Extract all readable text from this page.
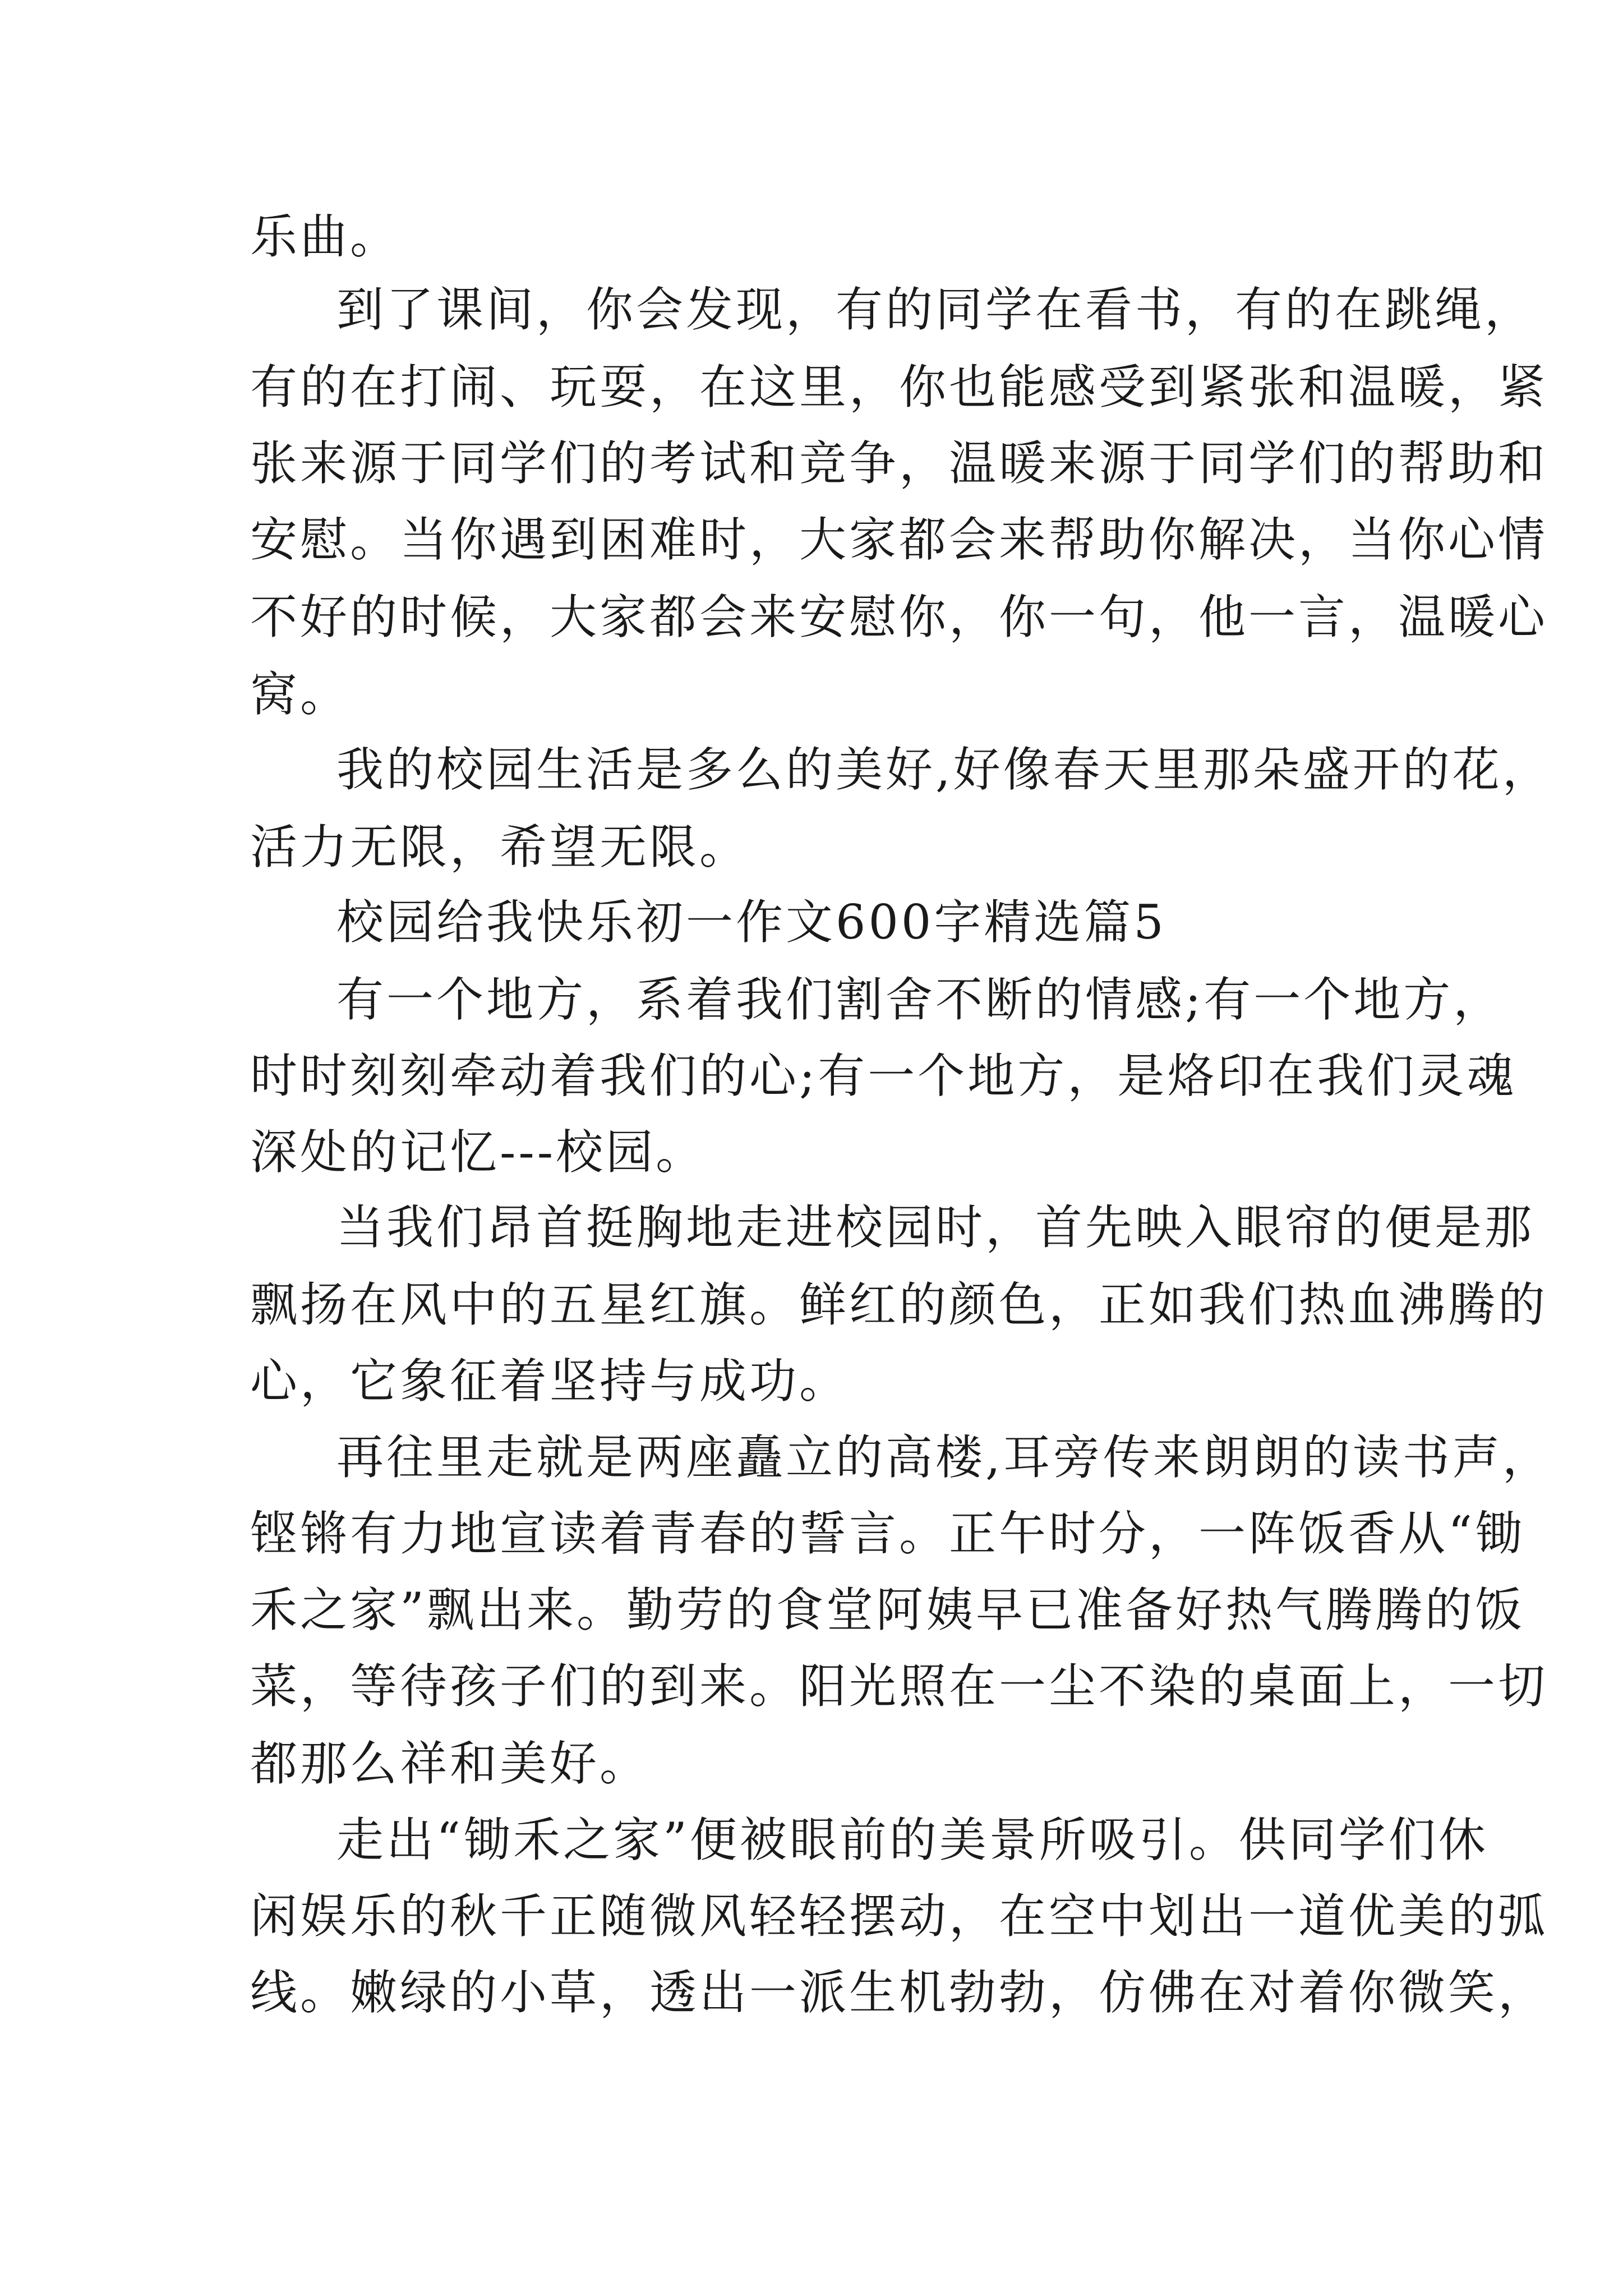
乐曲。
到了课间，你会发现，有的同学在看书，有的在跳绳，
有的在打闹、玩耍，在这里，你也能感受到紧张和温暖，紧
张来源于同学们的考试和竞争，温暖来源于同学们的帮助和
安慰。当你遇到困难时，大家都会来帮助你解决，当你心情
不好的时候，大家都会来安慰你，你一句，他一言，温暖心
窝。
我的校园生活是多么的美好,好像春天里那朵盛开的花，
活力无限，希望无限。
校园给我快乐初一作文600字精选篇5
有一个地方，系着我们割舍不断的情感;有一个地方，
时时刻刻牵动着我们的心;有一个地方，是烙印在我们灵魂
深处的记忆---校园。
当我们昂首挺胸地走进校园时，首先映入眼帘的便是那
飘扬在风中的五星红旗。鲜红的颜色，正如我们热血沸腾的
心，它象征着坚持与成功。
再往里走就是两座矗立的高楼,耳旁传来朗朗的读书声，
铿锵有力地宣读着青春的誓言。正午时分，一阵饭香从“锄
禾之家”飘出来。勤劳的食堂阿姨早已准备好热气腾腾的饭
菜，等待孩子们的到来。阳光照在一尘不染的桌面上，一切
都那么祥和美好。
走出“锄禾之家”便被眼前的美景所吸引。供同学们休
闲娱乐的秋千正随微风轻轻摆动，在空中划出一道优美的弧
线。嫩绿的小草，透出一派生机勃勃，仿佛在对着你微笑，
